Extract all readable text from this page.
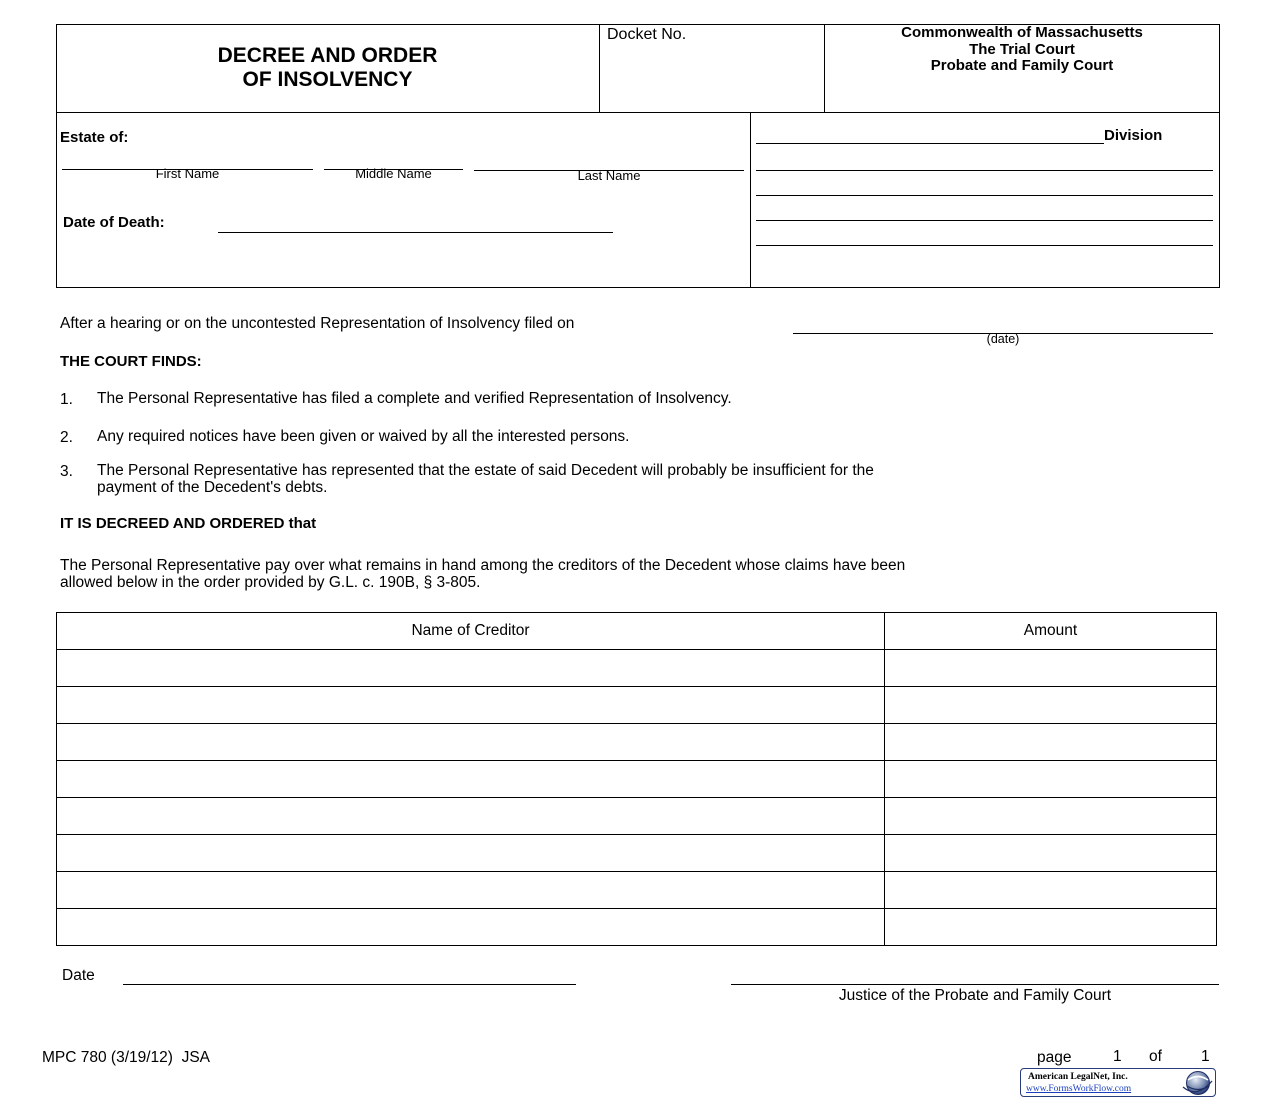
DECREE AND ORDER
OF INSOLVENCY
Docket No.	Commonwealth of Massachusetts
The Trial Court
Probate and Family Court
Estate of:
First Name	Middle Name	Last Name
Date of Death:
Division
After a hearing or on the uncontested Representation of Insolvency filed on
(date)
THE COURT FINDS:
1. The Personal Representative has filed a complete and verified Representation of Insolvency.
2. Any required notices have been given or waived by all the interested persons.
3. The Personal Representative has represented that the estate of said Decedent will probably be insufficient for the
payment of the Decedent's debts.
IT IS DECREED AND ORDERED that
The Personal Representative pay over what remains in hand among the creditors of the Decedent whose claims have been
allowed below in the order provided by G.L. c. 190B, § 3-805.
Name of Creditor	Amount

Date
Justice of the Probate and Family Court
MPC 780 (3/19/12)  JSA	page	1 of	1
American LegalNet, Inc.
www.FormsWorkFlow.com
